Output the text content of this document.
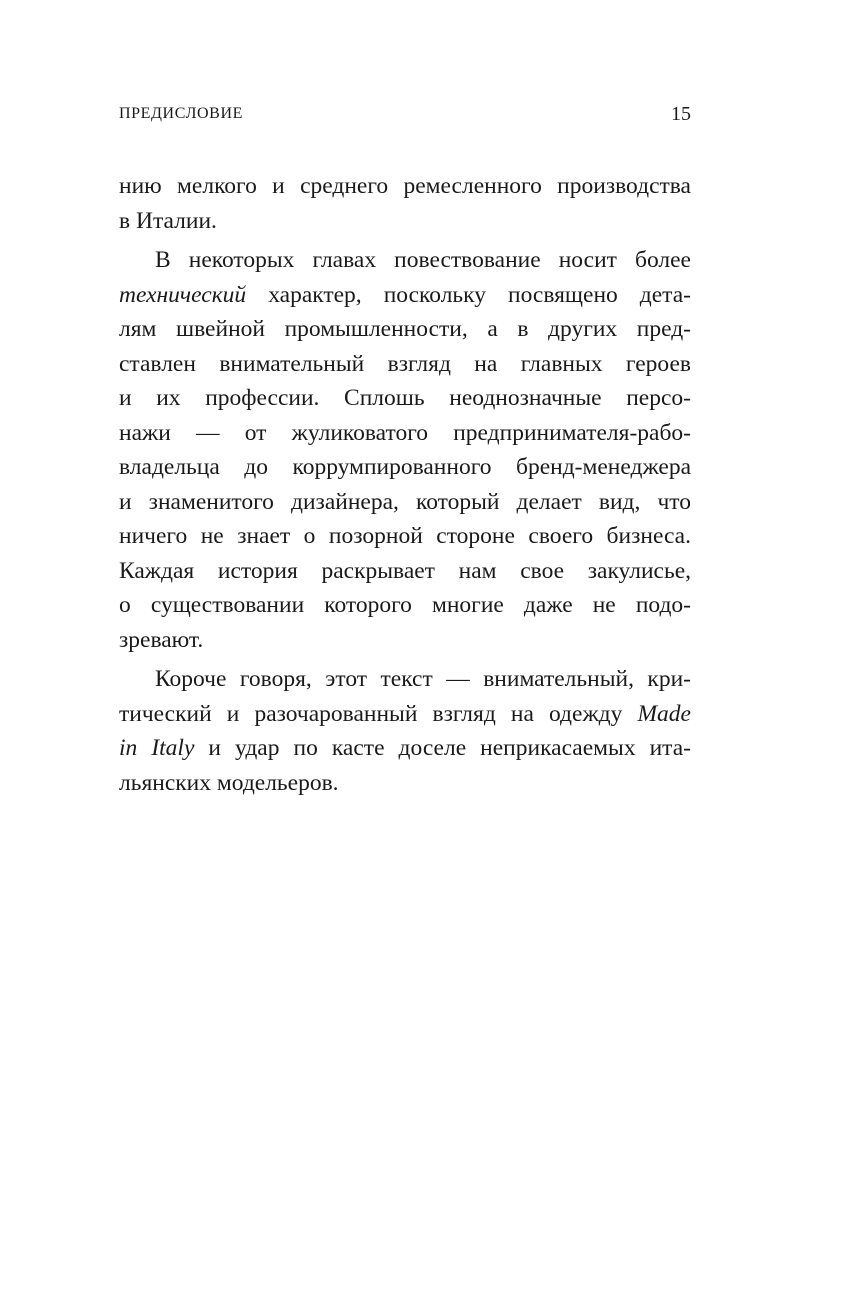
ПРЕДИСЛОВИЕ	15
нию мелкого и среднего ремесленного производства
в Италии.
В некоторых главах повествование носит более
технический характер, поскольку посвящено дета-
лям швейной промышленности, а в других пред-
ставлен внимательный взгляд на главных героев
и их профессии. Сплошь неоднозначные персо-
нажи — от жуликоватого предпринимателя-рабо-
владельца до коррумпированного бренд-менеджера
и знаменитого дизайнера, который делает вид, что
ничего не знает о позорной стороне своего бизнеса.
Каждая история раскрывает нам свое закулисье,
о существовании которого многие даже не подо-
зревают.
Короче говоря, этот текст — внимательный, кри-
тический и разочарованный взгляд на одежду Made
in Italy и удар по касте доселе неприкасаемых ита-
льянских модельеров.
